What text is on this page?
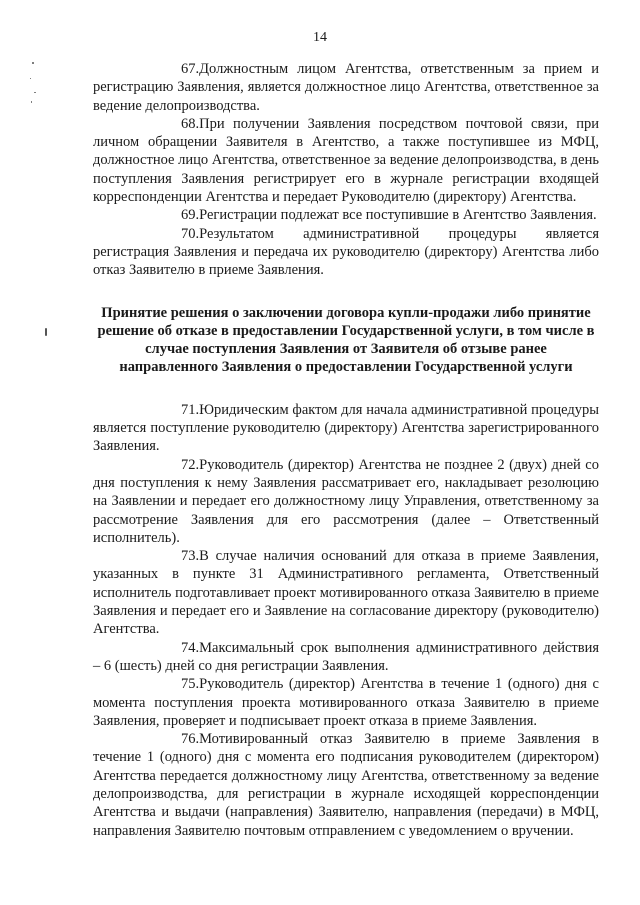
14

67.Должностным лицом Агентства, ответственным за прием и регистрацию Заявления, является должностное лицо Агентства, ответственное за ведение делопроизводства.

68.При получении Заявления посредством почтовой связи, при личном обращении Заявителя в Агентство, а также поступившее из МФЦ, должностное лицо Агентства, ответственное за ведение делопроизводства, в день поступления Заявления регистрирует его в журнале регистрации входящей корреспонденции Агентства и передает Руководителю (директору) Агентства.

69.Регистрации подлежат все поступившие в Агентство Заявления.

70.Результатом административной процедуры является регистрация Заявления и передача их руководителю (директору) Агентства либо отказ Заявителю в приеме Заявления.

Принятие решения о заключении договора купли-продажи либо принятие решение об отказе в предоставлении Государственной услуги, в том числе в случае поступления Заявления от Заявителя об отзыве ранее направленного Заявления о предоставлении Государственной услуги

71.Юридическим фактом для начала административной процедуры является поступление руководителю (директору) Агентства зарегистрированного Заявления.

72.Руководитель (директор) Агентства не позднее 2 (двух) дней со дня поступления к нему Заявления рассматривает его, накладывает резолюцию на Заявлении и передает его должностному лицу Управления, ответственному за рассмотрение Заявления для его рассмотрения (далее – Ответственный исполнитель).

73.В случае наличия оснований для отказа в приеме Заявления, указанных в пункте 31 Административного регламента, Ответственный исполнитель подготавливает проект мотивированного отказа Заявителю в приеме Заявления и передает его и Заявление на согласование директору (руководителю) Агентства.

74.Максимальный срок выполнения административного действия – 6 (шесть) дней со дня регистрации Заявления.

75.Руководитель (директор) Агентства в течение 1 (одного) дня с момента поступления проекта мотивированного отказа Заявителю в приеме Заявления, проверяет и подписывает проект отказа в приеме Заявления.

76.Мотивированный отказ Заявителю в приеме Заявления в течение 1 (одного) дня с момента его подписания руководителем (директором) Агентства передается должностному лицу Агентства, ответственному за ведение делопроизводства, для регистрации в журнале исходящей корреспонденции Агентства и выдачи (направления) Заявителю, направления (передачи) в МФЦ, направления Заявителю почтовым отправлением с уведомлением о вручении.
